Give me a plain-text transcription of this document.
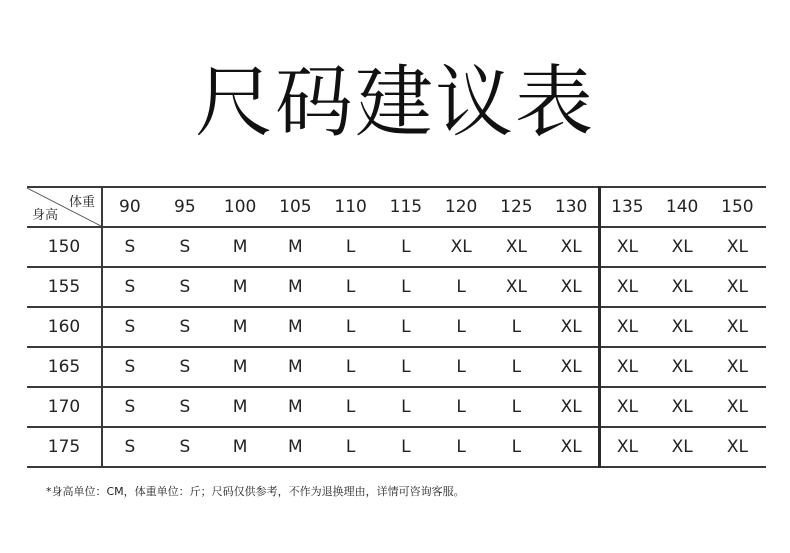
尺码建议表
体重
身高	90	95	100	105	110	115	120	125	130	135	140	150
150	S	S	M	M	L	L	XL	XL	XL	XL	XL	XL
155	S	S	M	M	L	L	L	XL	XL	XL	XL	XL
160	S	S	M	M	L	L	L	L	XL	XL	XL	XL
165	S	S	M	M	L	L	L	L	XL	XL	XL	XL
170	S	S	M	M	L	L	L	L	XL	XL	XL	XL
175	S	S	M	M	L	L	L	L	XL	XL	XL	XL
*身高单位：CM，体重单位：斤；尺码仅供参考，不作为退换理由，详情可咨询客服。
